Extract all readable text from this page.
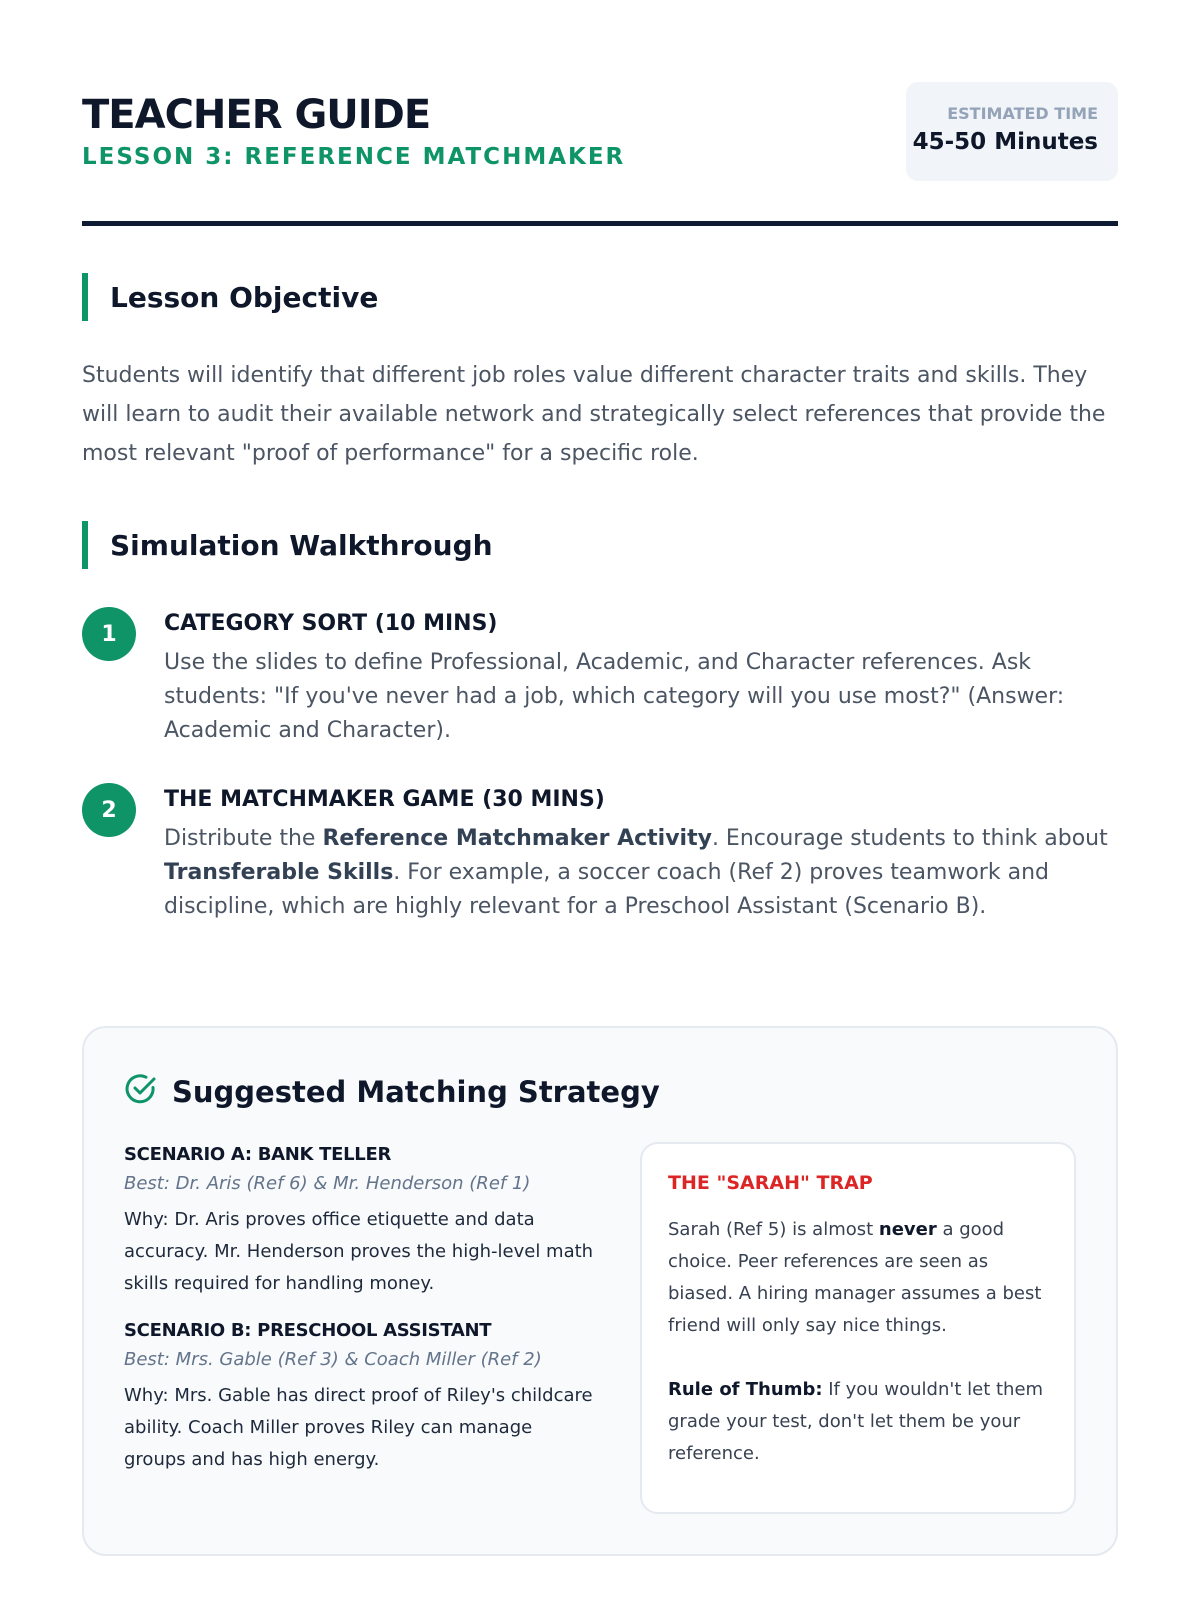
TEACHER GUIDE
LESSON 3: REFERENCE MATCHMAKER
ESTIMATED TIME
45-50 Minutes
Lesson Objective

Students will identify that different job roles value different character traits and skills. They will learn to audit their available network and strategically select references that provide the most relevant "proof of performance" for a specific role.

Simulation Walkthrough
1	CATEGORY SORT (10 MINS)

Use the slides to define Professional, Academic, and Character references. Ask students: "If you've never had a job, which category will you use most?" (Answer: Academic and Character).

2	THE MATCHMAKER GAME (30 MINS)

Distribute the Reference Matchmaker Activity. Encourage students to think about Transferable Skills. For example, a soccer coach (Ref 2) proves teamwork and discipline, which are highly relevant for a Preschool Assistant (Scenario B).

Suggested Matching Strategy
SCENARIO A: BANK TELLER
Best: Dr. Aris (Ref 6) & Mr. Henderson (Ref 1)

Why: Dr. Aris proves office etiquette and data accuracy. Mr. Henderson proves the high-level math skills required for handling money.

SCENARIO B: PRESCHOOL ASSISTANT
Best: Mrs. Gable (Ref 3) & Coach Miller (Ref 2)

Why: Mrs. Gable has direct proof of Riley's childcare ability. Coach Miller proves Riley can manage groups and has high energy.

THE "SARAH" TRAP

Sarah (Ref 5) is almost never a good choice. Peer references are seen as biased. A hiring manager assumes a best friend will only say nice things.

Rule of Thumb: If you wouldn't let them grade your test, don't let them be your reference.
